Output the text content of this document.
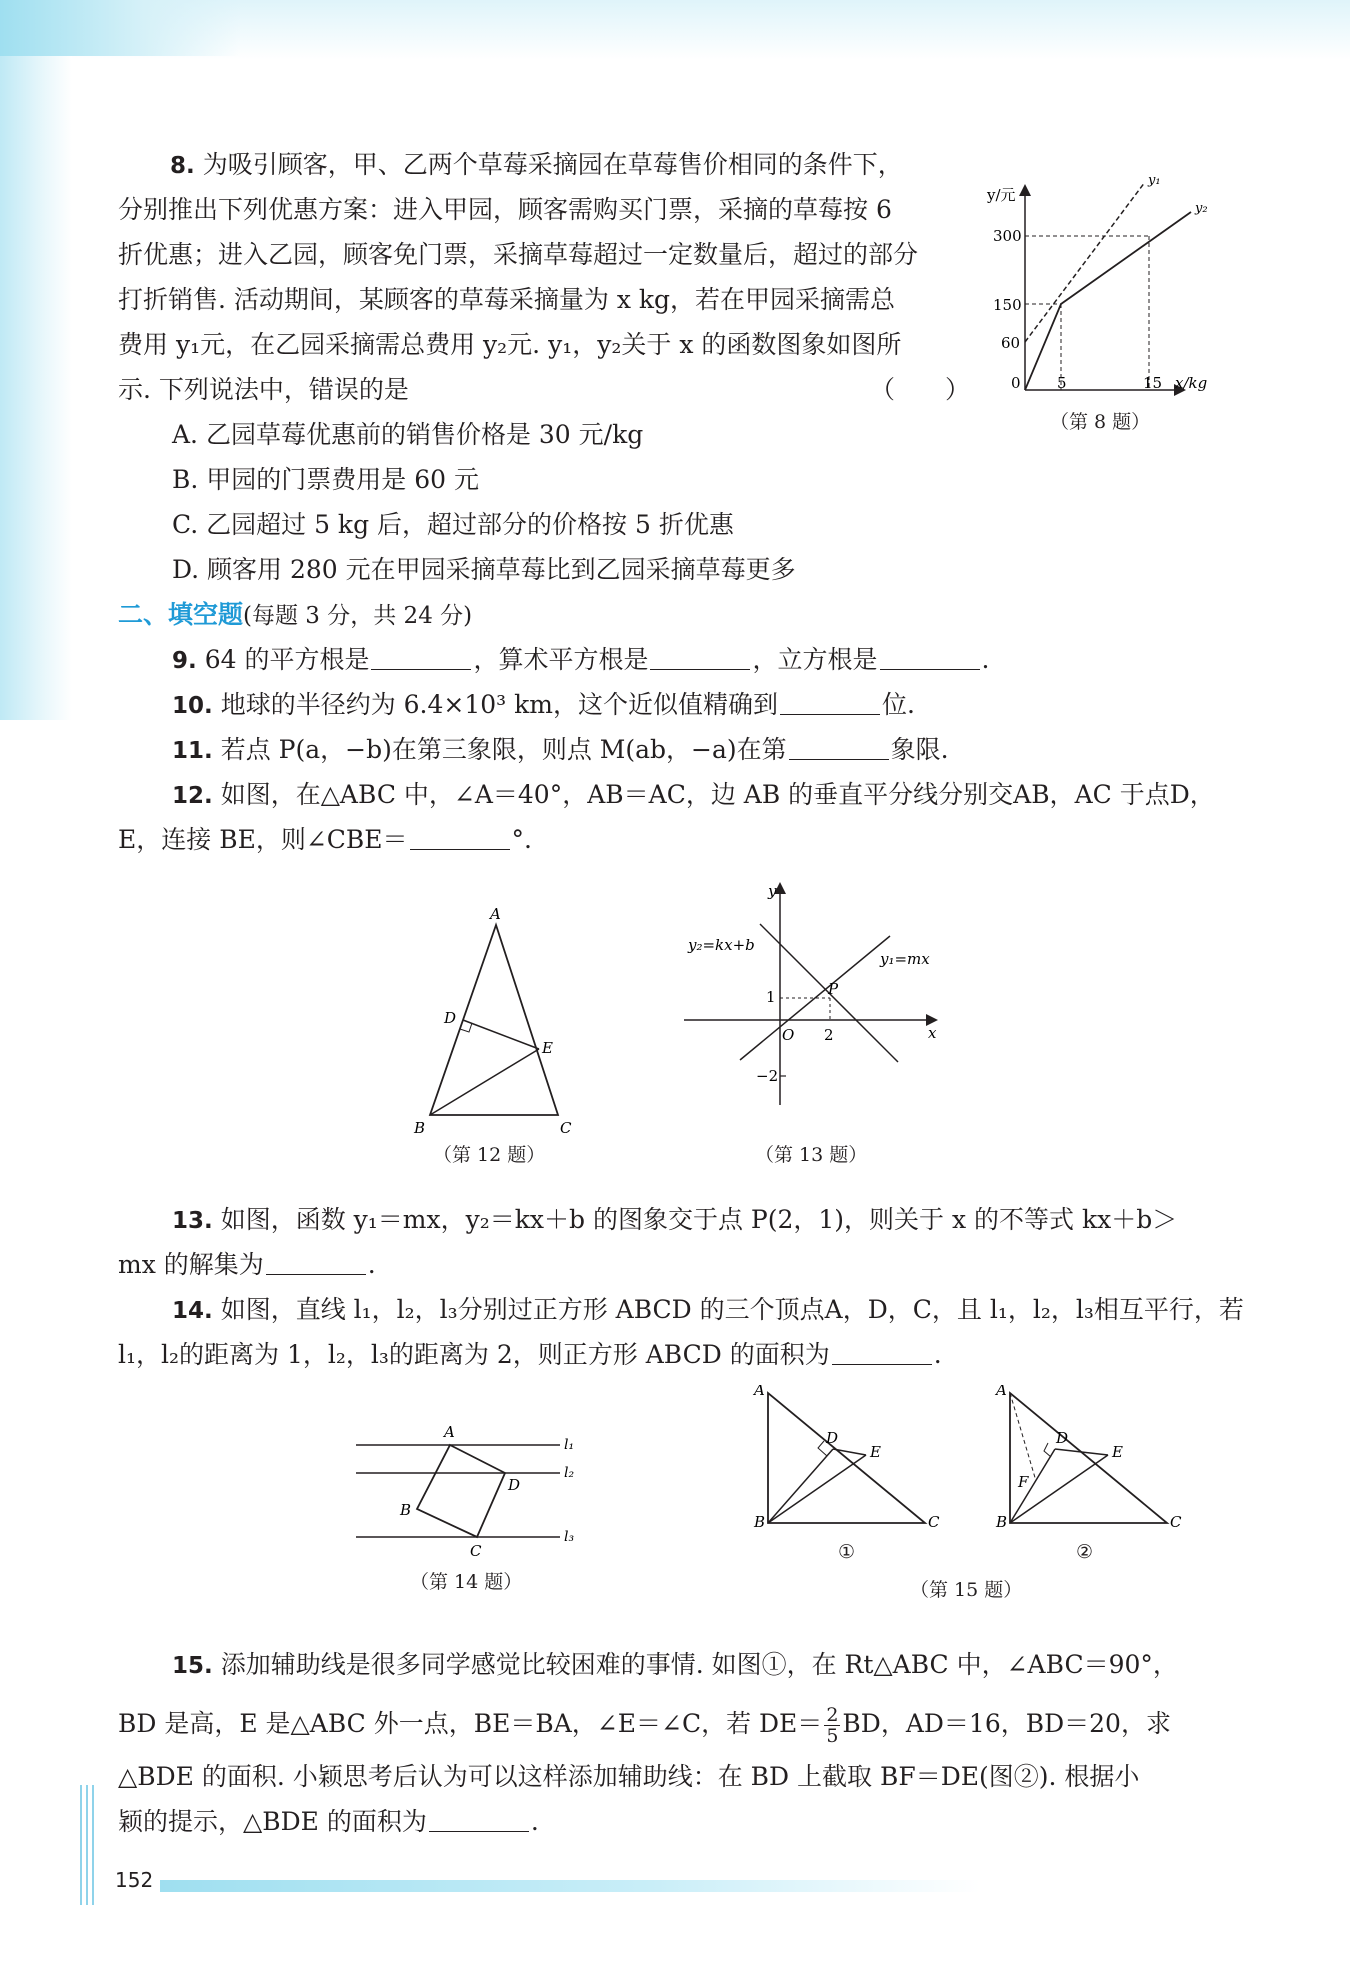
8. 为吸引顾客，甲、乙两个草莓采摘园在草莓售价相同的条件下，
分别推出下列优惠方案：进入甲园，顾客需购买门票，采摘的草莓按 6
折优惠；进入乙园，顾客免门票，采摘草莓超过一定数量后，超过的部分
打折销售. 活动期间，某顾客的草莓采摘量为 x kg，若在甲园采摘需总
费用 y₁元，在乙园采摘需总费用 y₂元. y₁，y₂关于 x 的函数图象如图所
示. 下列说法中，错误的是	（　　）
A. 乙园草莓优惠前的销售价格是 30 元/kg
B. 甲园的门票费用是 60 元
C. 乙园超过 5 kg 后，超过部分的价格按 5 折优惠
D. 顾客用 280 元在甲园采摘草莓比到乙园采摘草莓更多
y/元
x/kg
300
150
60
0 5	15
y₁
y₂
（第 8 题）
二、填空题(每题 3 分，共 24 分)
9. 64 的平方根是	，算术平方根是	，立方根是	.
10. 地球的半径约为 6.4×10³ km，这个近似值精确到	位.
11. 若点 P(a，−b)在第三象限，则点 M(ab，−a)在第	象限.
12. 如图，在△ABC 中，∠A＝40°，AB＝AC，边 AB 的垂直平分线分别交AB，AC 于点D，
E，连接 BE，则∠CBE＝	°.
A
B	C
D
E
（第 12 题）
y
x
O
1
2
−2
P
y₂=kx+b
y₁=mx
（第 13 题）
13. 如图，函数 y₁＝mx，y₂＝kx＋b 的图象交于点 P(2，1)，则关于 x 的不等式 kx＋b＞
mx 的解集为	.
14. 如图，直线 l₁，l₂，l₃分别过正方形 ABCD 的三个顶点A，D，C，且 l₁，l₂，l₃相互平行，若
l₁，l₂的距离为 1，l₂，l₃的距离为 2，则正方形 ABCD 的面积为	.
A
B
C
D
l₁
l₂
l₃
（第 14 题）
A
B	C
D
E
①
A
B	C
D
E
F
②
（第 15 题）
15. 添加辅助线是很多同学感觉比较困难的事情. 如图①，在 Rt△ABC 中，∠ABC＝90°，
BD 是高，E 是△ABC 外一点，BE＝BA，∠E＝∠C，若 $DE= \frac{2}{5}$ BD，AD＝16，BD＝20，求
△BDE 的面积. 小颖思考后认为可以这样添加辅助线：在 BD 上截取 BF＝DE(图②). 根据小
颖的提示，△BDE 的面积为	.
152
